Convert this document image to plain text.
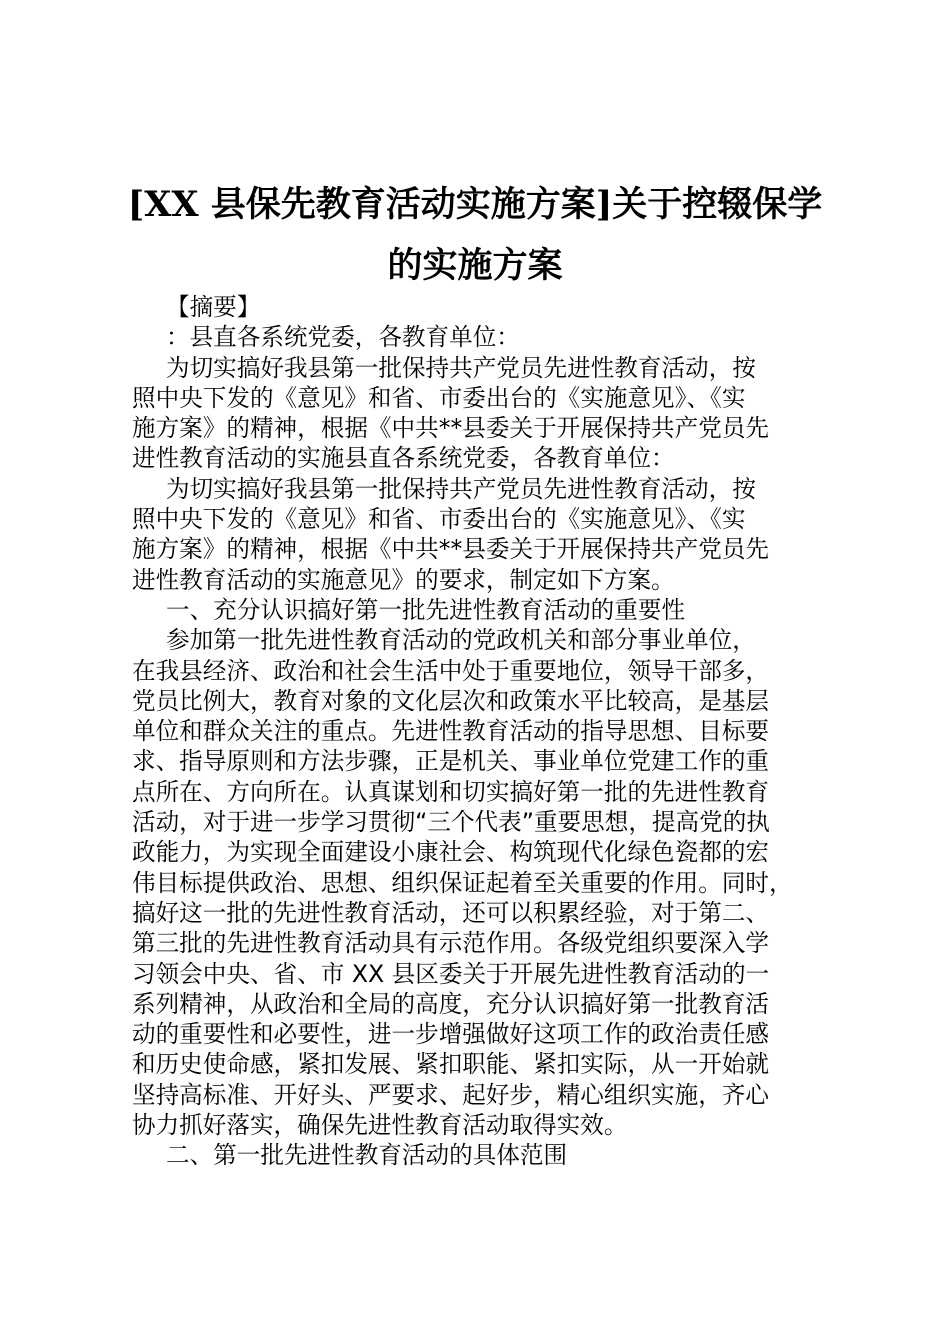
[XX 县保先教育活动实施方案]关于控辍保学
的实施方案
【摘要】
：县直各系统党委，各教育单位：
为切实搞好我县第一批保持共产党员先进性教育活动，按
照中央下发的《意见》和省、市委出台的《实施意见》、《实
施方案》的精神，根据《中共**县委关于开展保持共产党员先
进性教育活动的实施县直各系统党委，各教育单位：
为切实搞好我县第一批保持共产党员先进性教育活动，按
照中央下发的《意见》和省、市委出台的《实施意见》、《实
施方案》的精神，根据《中共**县委关于开展保持共产党员先
进性教育活动的实施意见》的要求，制定如下方案。
一、充分认识搞好第一批先进性教育活动的重要性
参加第一批先进性教育活动的党政机关和部分事业单位，
在我县经济、政治和社会生活中处于重要地位，领导干部多，
党员比例大，教育对象的文化层次和政策水平比较高，是基层
单位和群众关注的重点。先进性教育活动的指导思想、目标要
求、指导原则和方法步骤，正是机关、事业单位党建工作的重
点所在、方向所在。认真谋划和切实搞好第一批的先进性教育
活动，对于进一步学习贯彻“三个代表”重要思想，提高党的执
政能力，为实现全面建设小康社会、构筑现代化绿色瓷都的宏
伟目标提供政治、思想、组织保证起着至关重要的作用。同时，
搞好这一批的先进性教育活动，还可以积累经验，对于第二、
第三批的先进性教育活动具有示范作用。各级党组织要深入学
习领会中央、省、市 XX 县区委关于开展先进性教育活动的一
系列精神，从政治和全局的高度，充分认识搞好第一批教育活
动的重要性和必要性，进一步增强做好这项工作的政治责任感
和历史使命感，紧扣发展、紧扣职能、紧扣实际，从一开始就
坚持高标准、开好头、严要求、起好步，精心组织实施，齐心
协力抓好落实，确保先进性教育活动取得实效。
二、第一批先进性教育活动的具体范围
